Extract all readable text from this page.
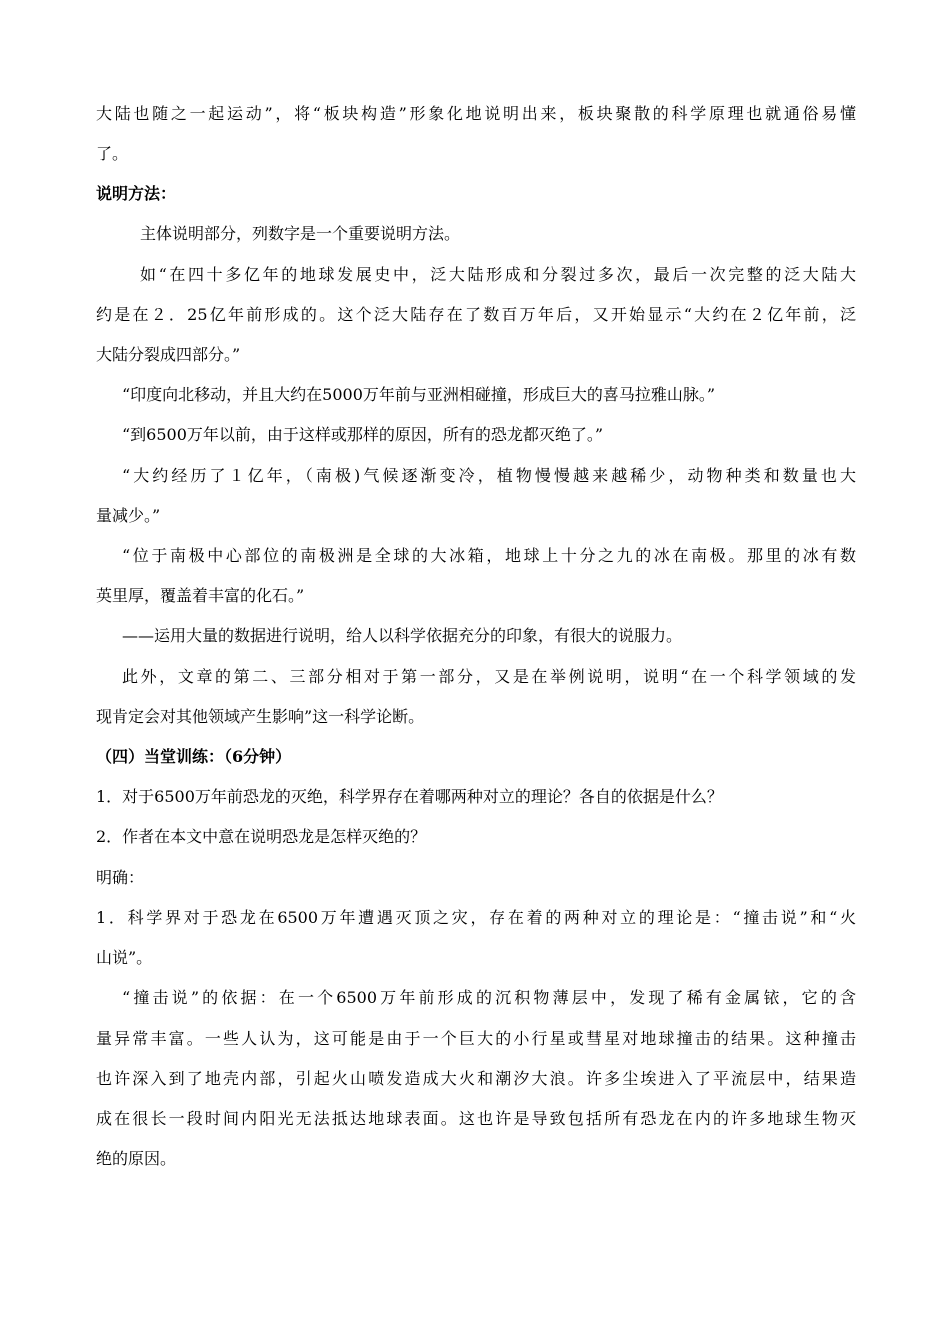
大陆也随之一起运动”，将“板块构造”形象化地说明出来，板块聚散的科学原理也就通俗易懂
了。
说明方法：
主体说明部分，列数字是一个重要说明方法。
如“在四十多亿年的地球发展史中，泛大陆形成和分裂过多次，最后一次完整的泛大陆大
约是在２．25亿年前形成的。这个泛大陆存在了数百万年后，又开始显示“大约在２亿年前，泛
大陆分裂成四部分。”
“印度向北移动，并且大约在5000万年前与亚洲相碰撞，形成巨大的喜马拉雅山脉。”
“到6500万年以前，由于这样或那样的原因，所有的恐龙都灭绝了。”
“大约经历了１亿年，（南极)气候逐渐变冷，植物慢慢越来越稀少，动物种类和数量也大
量减少。”
“位于南极中心部位的南极洲是全球的大冰箱，地球上十分之九的冰在南极。那里的冰有数
英里厚，覆盖着丰富的化石。”
——运用大量的数据进行说明，给人以科学依据充分的印象，有很大的说服力。
此外，文章的第二、三部分相对于第一部分，又是在举例说明，说明“在一个科学领域的发
现肯定会对其他领域产生影响”这一科学论断。
（四）当堂训练：（6分钟）
1．对于6500万年前恐龙的灭绝，科学界存在着哪两种对立的理论？各自的依据是什么？
2．作者在本文中意在说明恐龙是怎样灭绝的？
明确：
1．科学界对于恐龙在6500万年遭遇灭顶之灾，存在着的两种对立的理论是：“撞击说”和“火
山说”。
“撞击说”的依据：在一个6500万年前形成的沉积物薄层中，发现了稀有金属铱，它的含
量异常丰富。一些人认为，这可能是由于一个巨大的小行星或彗星对地球撞击的结果。这种撞击
也许深入到了地壳内部，引起火山喷发造成大火和潮汐大浪。许多尘埃进入了平流层中，结果造
成在很长一段时间内阳光无法抵达地球表面。这也许是导致包括所有恐龙在内的许多地球生物灭
绝的原因。
